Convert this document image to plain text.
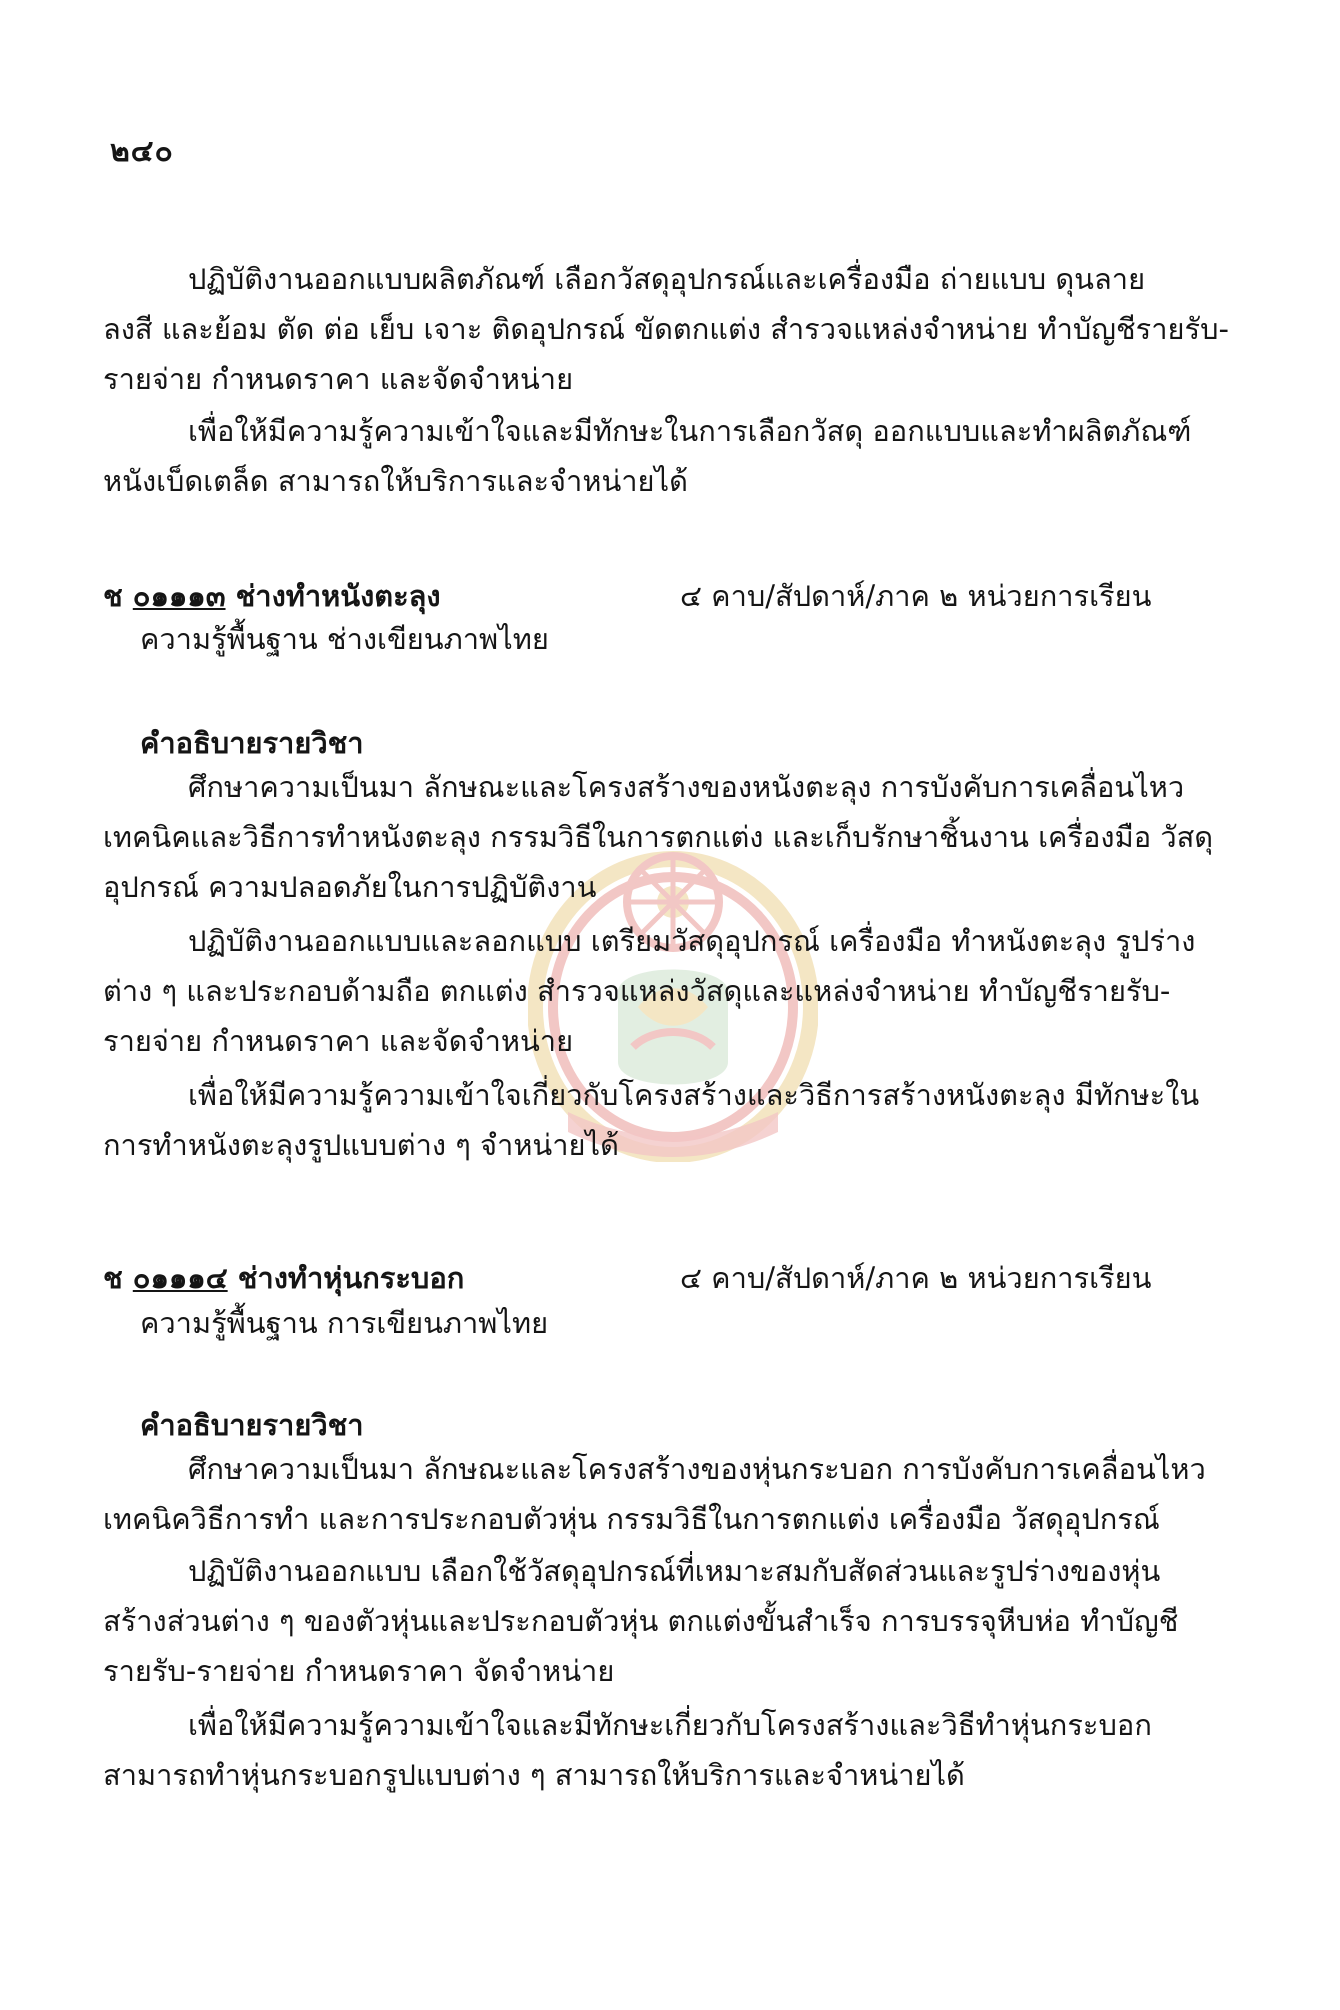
๒๔๐
ปฏิบัติงานออกแบบผลิตภัณฑ์ เลือกวัสดุอุปกรณ์และเครื่องมือ ถ่ายแบบ ดุนลาย
ลงสี และย้อม ตัด ต่อ เย็บ เจาะ ติดอุปกรณ์ ขัดตกแต่ง สำรวจแหล่งจำหน่าย ทำบัญชีรายรับ-
รายจ่าย กำหนดราคา และจัดจำหน่าย
เพื่อให้มีความรู้ความเข้าใจและมีทักษะในการเลือกวัสดุ ออกแบบและทำผลิตภัณฑ์
หนังเบ็ดเตล็ด สามารถให้บริการและจำหน่ายได้
ช ๐๑๑๑๓ ช่างทำหนังตะลุง	๔ คาบ/สัปดาห์/ภาค ๒ หน่วยการเรียน
ความรู้พื้นฐาน ช่างเขียนภาพไทย
คำอธิบายรายวิชา
ศึกษาความเป็นมา ลักษณะและโครงสร้างของหนังตะลุง การบังคับการเคลื่อนไหว
เทคนิคและวิธีการทำหนังตะลุง กรรมวิธีในการตกแต่ง และเก็บรักษาชิ้นงาน เครื่องมือ วัสดุ
อุปกรณ์ ความปลอดภัยในการปฏิบัติงาน
ปฏิบัติงานออกแบบและลอกแบบ เตรียมวัสดุอุปกรณ์ เครื่องมือ ทำหนังตะลุง รูปร่าง
ต่าง ๆ และประกอบด้ามถือ ตกแต่ง สำรวจแหล่งวัสดุและแหล่งจำหน่าย ทำบัญชีรายรับ-
รายจ่าย กำหนดราคา และจัดจำหน่าย
เพื่อให้มีความรู้ความเข้าใจเกี่ยวกับโครงสร้างและวิธีการสร้างหนังตะลุง มีทักษะใน
การทำหนังตะลุงรูปแบบต่าง ๆ จำหน่ายได้
ช ๐๑๑๑๔ ช่างทำหุ่นกระบอก	๔ คาบ/สัปดาห์/ภาค ๒ หน่วยการเรียน
ความรู้พื้นฐาน การเขียนภาพไทย
คำอธิบายรายวิชา
ศึกษาความเป็นมา ลักษณะและโครงสร้างของหุ่นกระบอก การบังคับการเคลื่อนไหว
เทคนิควิธีการทำ และการประกอบตัวหุ่น กรรมวิธีในการตกแต่ง เครื่องมือ วัสดุอุปกรณ์
ปฏิบัติงานออกแบบ เลือกใช้วัสดุอุปกรณ์ที่เหมาะสมกับสัดส่วนและรูปร่างของหุ่น
สร้างส่วนต่าง ๆ ของตัวหุ่นและประกอบตัวหุ่น ตกแต่งขั้นสำเร็จ การบรรจุหีบห่อ ทำบัญชี
รายรับ-รายจ่าย กำหนดราคา จัดจำหน่าย
เพื่อให้มีความรู้ความเข้าใจและมีทักษะเกี่ยวกับโครงสร้างและวิธีทำหุ่นกระบอก
สามารถทำหุ่นกระบอกรูปแบบต่าง ๆ สามารถให้บริการและจำหน่ายได้
